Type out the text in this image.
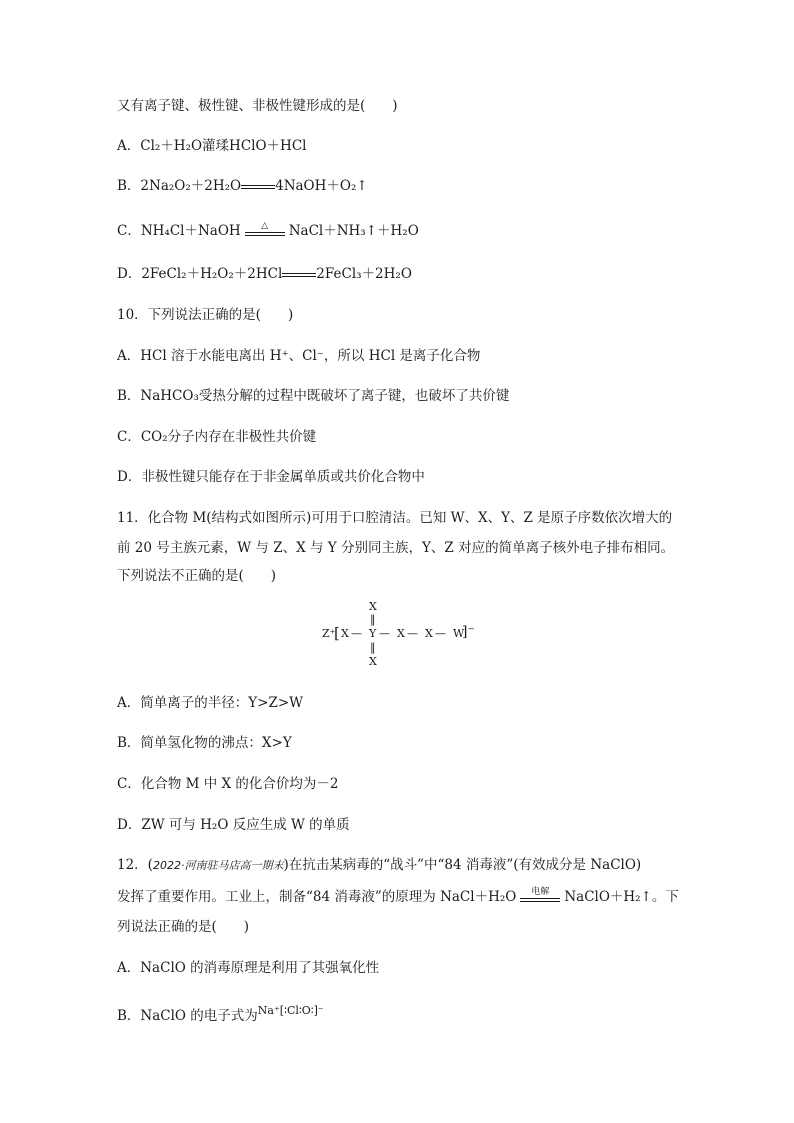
又有离子键、极性键、非极性键形成的是(　　)
A．Cl₂＋H₂O灌瑈HClO＋HCl
B．2Na₂O₂＋2H₂O	4NaOH＋O₂↑
C．NH₄Cl＋NaOH	△	NaCl＋NH₃↑＋H₂O
D．2FeCl₂＋H₂O₂＋2HCl	2FeCl₃＋2H₂O
10．下列说法正确的是(　　)
A．HCl 溶于水能电离出 H⁺、Cl⁻，所以 HCl 是离子化合物
B．NaHCO₃受热分解的过程中既破坏了离子键，也破坏了共价键
C．CO₂分子内存在非极性共价键
D．非极性键只能存在于非金属单质或共价化合物中
11．化合物 M(结构式如图所示)可用于口腔清洁。已知 W、X、Y、Z 是原子序数依次增大的
前 20 号主族元素，W 与 Z、X 与 Y 分别同主族，Y、Z 对应的简单离子核外电子排布相同。
下列说法不正确的是(　　)
Z⁺
[ X —
X
‖
Y
‖
X
— X — X — W
]⁻
A．简单离子的半径：Y>Z>W
B．简单氢化物的沸点：X>Y
C．化合物 M 中 X 的化合价均为－2
D．ZW 可与 H₂O 反应生成 W 的单质
12．(2022·河南驻马店高一期末)在抗击某病毒的“战斗”中“84 消毒液”(有效成分是 NaClO)
发挥了重要作用。工业上，制备“84 消毒液”的原理为 NaCl＋H₂O	电解	NaClO＋H₂↑。下
列说法正确的是(　　)
A．NaClO 的消毒原理是利用了其强氧化性
B．NaClO 的电子式为Na⁺[∶Cl∶O∶]⁻
